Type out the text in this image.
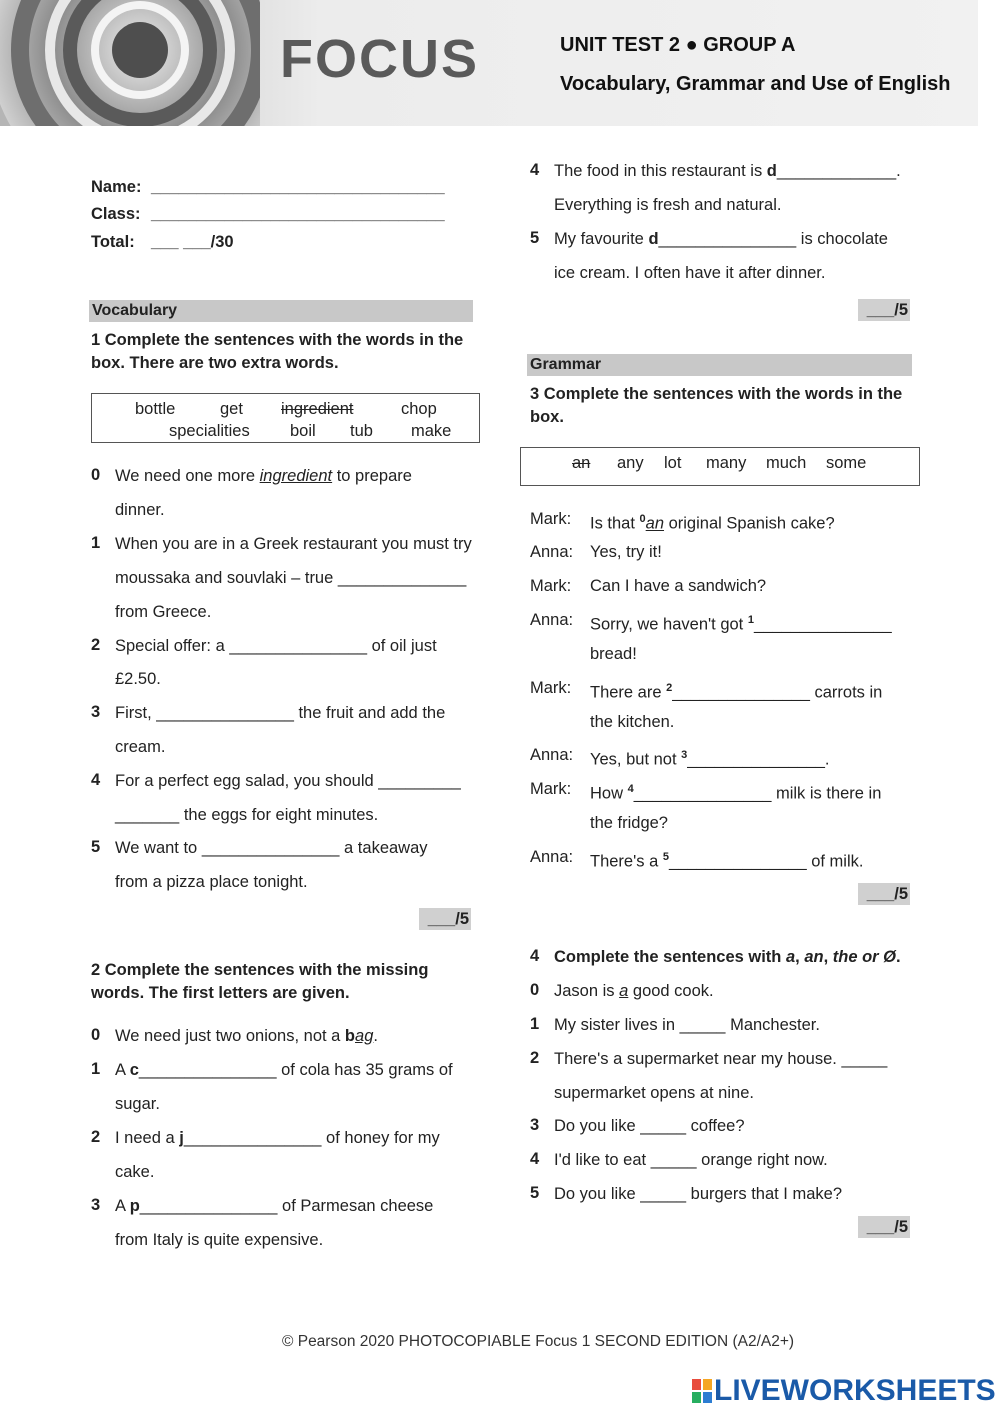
FOCUS	UNIT TEST 2 ● GROUP A
Vocabulary, Grammar and Use of English
Name: ________________________________
Class: ________________________________
Total: ___ ___/30
Vocabulary
1 Complete the sentences with the words in the
box. There are two extra words.
bottle	get ingredient	chop
specialities boil tub make
0 We need one more ingredient to prepare
dinner.
1 When you are in a Greek restaurant you must try
moussaka and souvlaki – true ______________
from Greece.
2 Special offer: a _______________ of oil just
£2.50.
3 First, _______________ the fruit and add the
cream.
4 For a perfect egg salad, you should _________
_______ the eggs for eight minutes.
5 We want to _______________ a takeaway
from a pizza place tonight.
___/5
2 Complete the sentences with the missing
words. The first letters are given.
0 We need just two onions, not a bag.
1 A c_______________ of cola has 35 grams of
sugar.
2 I need a j_______________ of honey for my
cake.
3 A p_______________ of Parmesan cheese
from Italy is quite expensive.
4 The food in this restaurant is d_____________.
Everything is fresh and natural.
5 My favourite d_______________ is chocolate
ice cream. I often have it after dinner.
___/5
Grammar
3 Complete the sentences with the words in the
box.
an any lot many much some
Mark: Is that $^0$an original Spanish cake?
Anna: Yes, try it!
Mark: Can I have a sandwich?
Anna: Sorry, we haven't got $^1$_______________
bread!
Mark: There are $^2$_______________ carrots in
the kitchen.
Anna: Yes, but not $^3$_______________.
Mark: How $^4$_______________ milk is there in
the fridge?
Anna: There's a $^5$_______________ of milk.
___/5
4 Complete the sentences with a, an, the or Ø.
0 Jason is a good cook.
1 My sister lives in _____ Manchester.
2 There's a supermarket near my house. _____
supermarket opens at nine.
3 Do you like _____ coffee?
4 I'd like to eat _____ orange right now.
5 Do you like _____ burgers that I make?
___/5
© Pearson 2020 PHOTOCOPIABLE Focus 1 SECOND EDITION (A2/A2+)
LIVEWORKSHEETS
